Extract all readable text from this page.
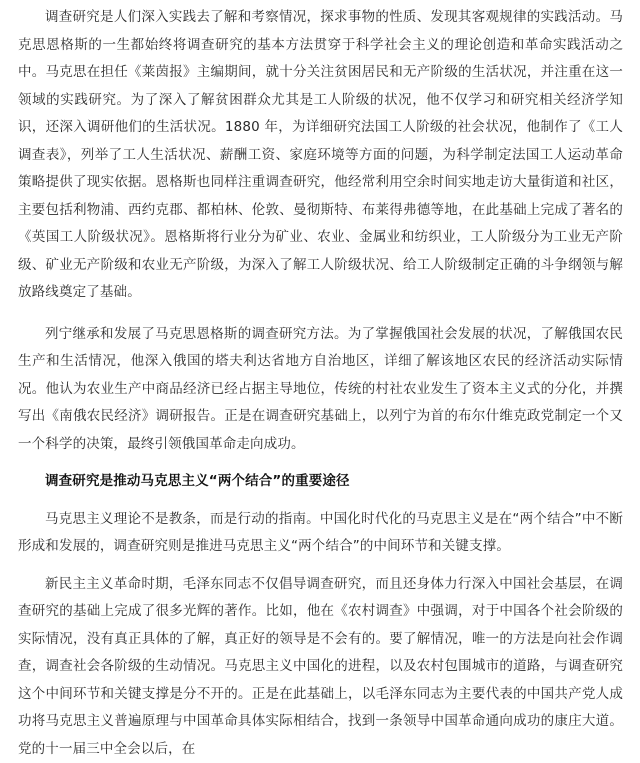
调查研究是人们深入实践去了解和考察情况，探求事物的性质、发现其客观规律的实践活动。马克思恩格斯的一生都始终将调查研究的基本方法贯穿于科学社会主义的理论创造和革命实践活动之中。马克思在担任《莱茵报》主编期间，就十分关注贫困居民和无产阶级的生活状况，并注重在这一领域的实践研究。为了深入了解贫困群众尤其是工人阶级的状况，他不仅学习和研究相关经济学知识，还深入调研他们的生活状况。1880 年，为详细研究法国工人阶级的社会状况，他制作了《工人调查表》，列举了工人生活状况、薪酬工资、家庭环境等方面的问题，为科学制定法国工人运动革命策略提供了现实依据。恩格斯也同样注重调查研究，他经常利用空余时间实地走访大量街道和社区，主要包括利物浦、西约克郡、都柏林、伦敦、曼彻斯特、布莱得弗德等地，在此基础上完成了著名的《英国工人阶级状况》。恩格斯将行业分为矿业、农业、金属业和纺织业，工人阶级分为工业无产阶级、矿业无产阶级和农业无产阶级，为深入了解工人阶级状况、给工人阶级制定正确的斗争纲领与解放路线奠定了基础。

列宁继承和发展了马克思恩格斯的调查研究方法。为了掌握俄国社会发展的状况，了解俄国农民生产和生活情况，他深入俄国的塔夫利达省地方自治地区，详细了解该地区农民的经济活动实际情况。他认为农业生产中商品经济已经占据主导地位，传统的村社农业发生了资本主义式的分化，并撰写出《南俄农民经济》调研报告。正是在调查研究基础上，以列宁为首的布尔什维克政党制定一个又一个科学的决策，最终引领俄国革命走向成功。

调查研究是推动马克思主义“两个结合”的重要途径

马克思主义理论不是教条，而是行动的指南。中国化时代化的马克思主义是在“两个结合”中不断形成和发展的，调查研究则是推进马克思主义“两个结合”的中间环节和关键支撑。

新民主主义革命时期，毛泽东同志不仅倡导调查研究，而且还身体力行深入中国社会基层，在调查研究的基础上完成了很多光辉的著作。比如，他在《农村调查》中强调，对于中国各个社会阶级的实际情况，没有真正具体的了解，真正好的领导是不会有的。要了解情况，唯一的方法是向社会作调查，调查社会各阶级的生动情况。马克思主义中国化的进程，以及农村包围城市的道路，与调查研究这个中间环节和关键支撑是分不开的。正是在此基础上，以毛泽东同志为主要代表的中国共产党人成功将马克思主义普遍原理与中国革命具体实际相结合，找到一条领导中国革命通向成功的康庄大道。党的十一届三中全会以后，在
